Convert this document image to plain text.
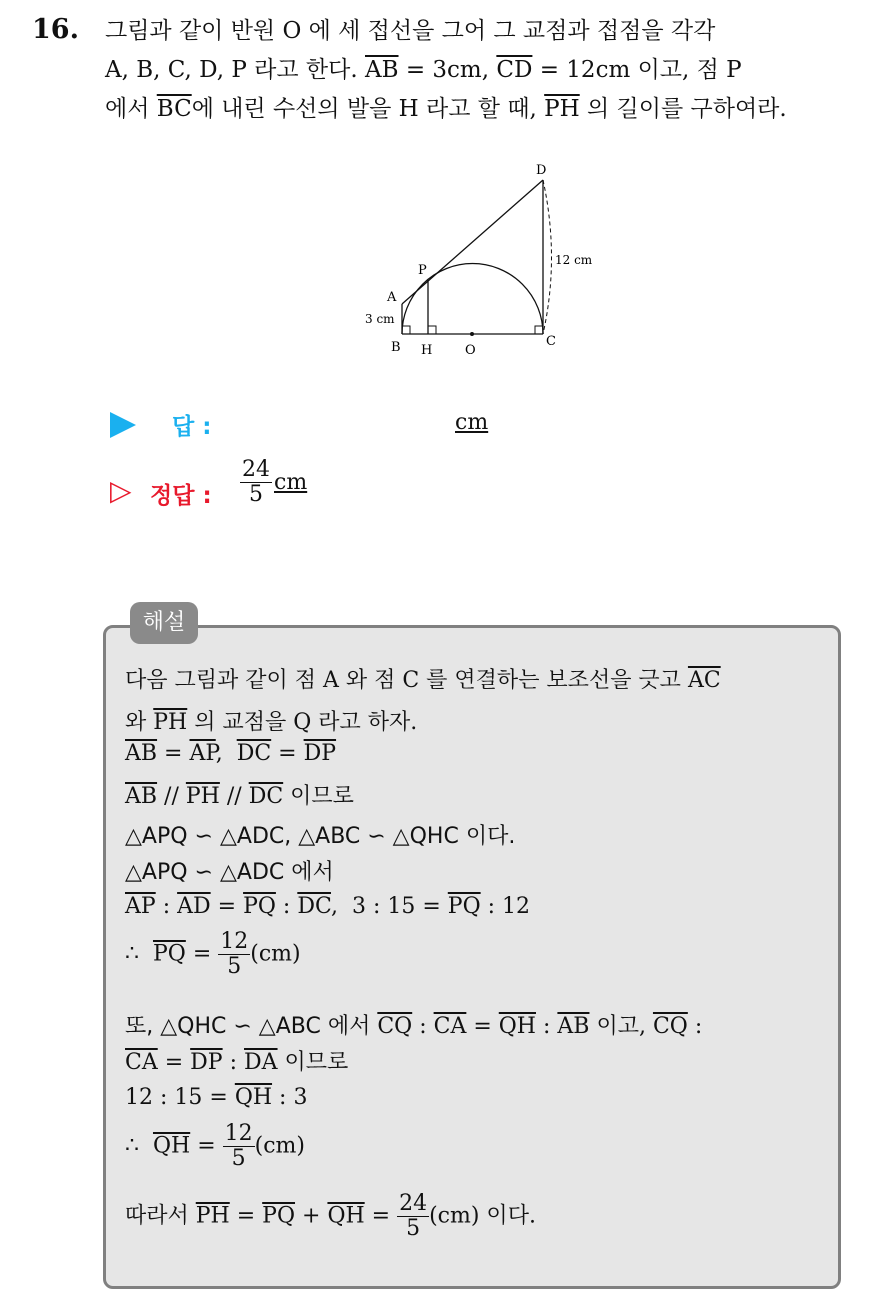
16. 그림과 같이 반원 O 에 세 접선을 그어 그 교점과 접점을 각각
A, B, C, D, P 라고 한다. $\overline{AB} = 3cm$, $\overline{CD} = 12cm$ 이고, 점 P
에서 $\overline{BC}$에 내린 수선의 발을 H 라고 할 때, $\overline{PH}$ 의 길이를 구하여라.
D
P
A
3 cm
B H	O
C
12 cm
답 :	cm
▷ 정답 : $\frac{24}{5}$ cm
해설
다음 그림과 같이 점 A 와 점 C 를 연결하는 보조선을 긋고 $\overline{AC}$
와 $\overline{PH}$ 의 교점을 Q 라고 하자.
$\overline{AB} = \overline{AP}$,  $\overline{DC} = \overline{DP}$
$\overline{AB} // \overline{PH} // \overline{DC}$ 이므로
△APQ ∽ △ADC, △ABC ∽ △QHC 이다.
△APQ ∽ △ADC 에서
$\overline{AP}$ : $\overline{AD} = \overline{PQ}$ : $\overline{DC}$,  3 : $15 = \overline{PQ}$ : 12
∴  $\overline{PQ} = \frac{12}{5} (cm)$
또, △QHC ∽ △ABC 에서 $\overline{CQ}$ : $\overline{CA} = \overline{QH}$ : $\overline{AB}$ 이고, $\overline{CQ}$ :
$\overline{CA} = \overline{DP}$ : $\overline{DA}$ 이므로
12 : $15 = \overline{QH}$ : 3
∴  $\overline{QH} = \frac{12}{5} (cm)$
따라서 $\overline{PH} = \overline{PQ} + \overline{QH} = \frac{24}{5} (cm)$ 이다.
